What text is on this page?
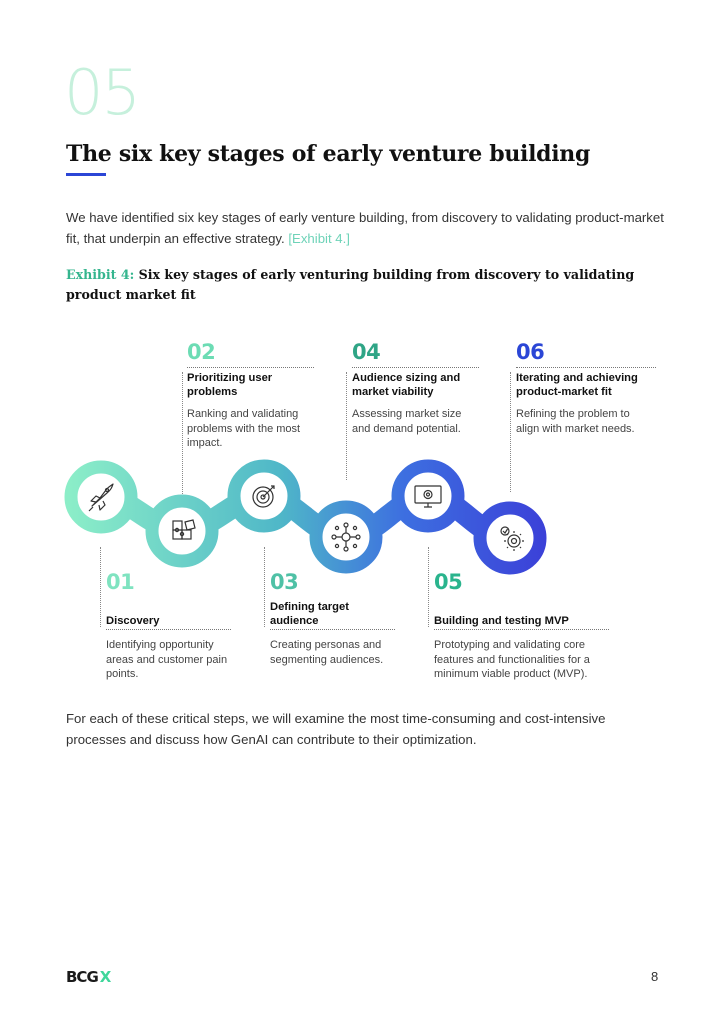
05
The six key stages of early venture building

We have identified six key stages of early venture building, from discovery to validating product-market fit, that underpin an effective strategy. [Exhibit 4.]

Exhibit 4: Six key stages of early venturing building from discovery to validating product market fit

02
Prioritizing user problems
Ranking and validating problems with the most impact.
04
Audience sizing and market viability
Assessing market size and demand potential.
06
Iterating and achieving product-market fit
Refining the problem to align with market needs.
01
Discovery
Identifying opportunity areas and customer pain points.
03
Defining target audience
Creating personas and segmenting audiences.
05
Building and testing MVP
Prototyping and validating core features and functionalities for a minimum viable product (MVP).

For each of these critical steps, we will examine the most time-consuming and cost-intensive processes and discuss how GenAI can contribute to their optimization.

BCG X	8
